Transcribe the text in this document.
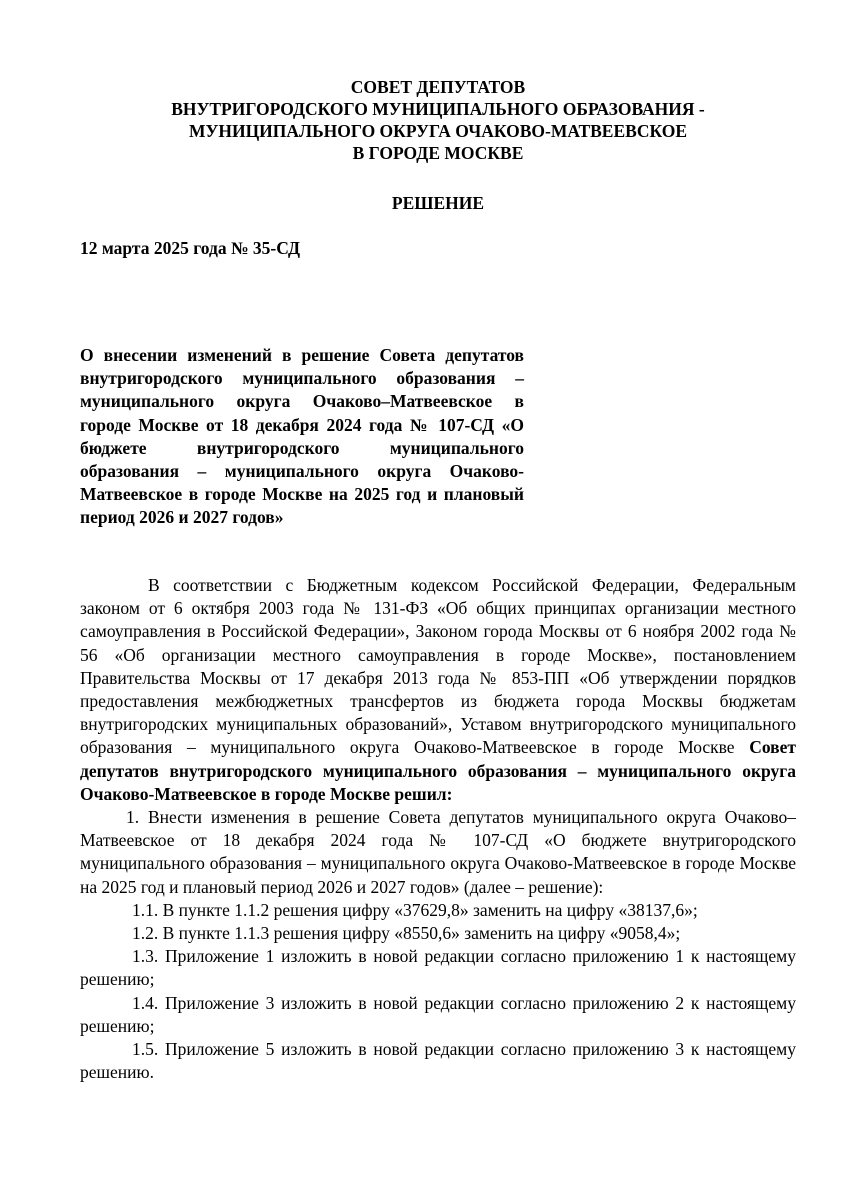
СОВЕТ ДЕПУТАТОВ
ВНУТРИГОРОДСКОГО МУНИЦИПАЛЬНОГО ОБРАЗОВАНИЯ -
МУНИЦИПАЛЬНОГО ОКРУГА ОЧАКОВО-МАТВЕЕВСКОЕ
В ГОРОДЕ МОСКВЕ
РЕШЕНИЕ
12 марта 2025 года № 35-СД
О внесении изменений в решение Совета депутатов внутригородского муниципального образования – муниципального округа Очаково–Матвеевское в городе Москве от 18 декабря 2024 года № 107-СД «О бюджете внутригородского муниципального образования – муниципального округа Очаково-Матвеевское в городе Москве на 2025 год и плановый период 2026 и 2027 годов»

В соответствии с Бюджетным кодексом Российской Федерации, Федеральным законом от 6 октября 2003 года № 131-ФЗ «Об общих принципах организации местного самоуправления в Российской Федерации», Законом города Москвы от 6 ноября 2002 года № 56 «Об организации местного самоуправления в городе Москве», постановлением Правительства Москвы от 17 декабря 2013 года № 853-ПП «Об утверждении порядков предоставления межбюджетных трансфертов из бюджета города Москвы бюджетам внутригородских муниципальных образований», Уставом внутригородского муниципального образования – муниципального округа Очаково-Матвеевское в городе Москве Совет депутатов внутригородского муниципального образования – муниципального округа Очаково-Матвеевское в городе Москве решил:

1. Внести изменения в решение Совета депутатов муниципального округа Очаково–Матвеевское от 18 декабря 2024 года № 107-СД «О бюджете внутригородского муниципального образования – муниципального округа Очаково-Матвеевское в городе Москве на 2025 год и плановый период 2026 и 2027 годов» (далее – решение):

1.1. В пункте 1.1.2 решения цифру «37629,8» заменить на цифру «38137,6»;

1.2. В пункте 1.1.3 решения цифру «8550,6» заменить на цифру «9058,4»;

1.3. Приложение 1 изложить в новой редакции согласно приложению 1 к настоящему решению;

1.4. Приложение 3 изложить в новой редакции согласно приложению 2 к настоящему решению;

1.5. Приложение 5 изложить в новой редакции согласно приложению 3 к настоящему решению.
